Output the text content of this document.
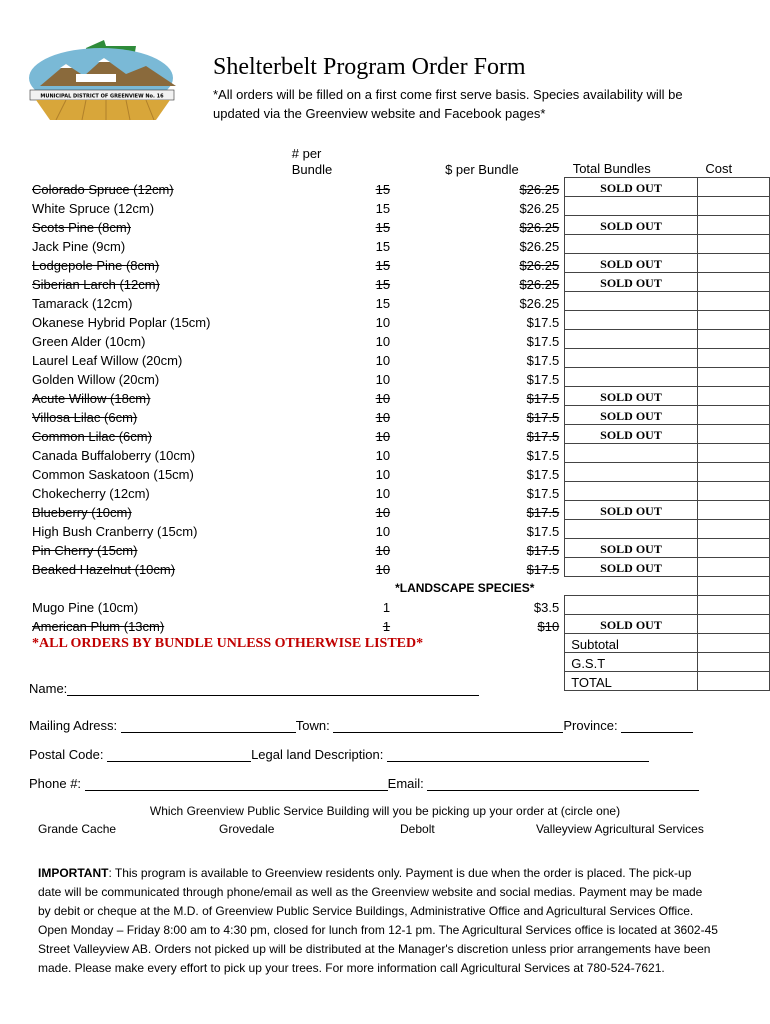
MUNICIPAL DISTRICT OF GREENVIEW No. 16
Shelterbelt Program Order Form
*All orders will be filled on a first come first serve basis. Species availability will be updated via the Greenview website and Facebook pages*
	# per
Bundle	$ per Bundle	Total Bundles	Cost
Colorado Spruce (12cm)	15	$26.25	SOLD OUT	
White Spruce (12cm)	15	$26.25		
Scots Pine (8cm)	15	$26.25	SOLD OUT	
Jack Pine (9cm)	15	$26.25		
Lodgepole Pine (8cm)	15	$26.25	SOLD OUT	
Siberian Larch (12cm)	15	$26.25	SOLD OUT	
Tamarack (12cm)	15	$26.25		
Okanese Hybrid Poplar (15cm)	10	$17.5		
Green Alder (10cm)	10	$17.5		
Laurel Leaf Willow (20cm)	10	$17.5		
Golden Willow (20cm)	10	$17.5		
Acute Willow (18cm)	10	$17.5	SOLD OUT	
Villosa Lilac (6cm)	10	$17.5	SOLD OUT	
Common Lilac (6cm)	10	$17.5	SOLD OUT	
Canada Buffaloberry (10cm)	10	$17.5		
Common Saskatoon (15cm)	10	$17.5		
Chokecherry (12cm)	10	$17.5		
Blueberry (10cm)	10	$17.5	SOLD OUT	
High Bush Cranberry (15cm)	10	$17.5		
Pin Cherry (15cm)	10	$17.5	SOLD OUT	
Beaked Hazelnut (10cm)	10	$17.5	SOLD OUT	
		*LANDSCAPE SPECIES*		
Mugo Pine (10cm)	1	$3.5		
American Plum (13cm)	1	$10	SOLD OUT	
*ALL ORDERS BY BUNDLE UNLESS OTHERWISE LISTED*			Subtotal	
			G.S.T	
			TOTAL	
Name:
Mailing Adress:	Town:	Province:
Postal Code:	Legal land Description:
Phone #:	Email:
Which Greenview Public Service Building will you be picking up your order at (circle one)
Grande Cache	Grovedale	Debolt	Valleyview Agricultural Services
IMPORTANT: This program is available to Greenview residents only. Payment is due when the order is placed. The pick-up date will be communicated through phone/email as well as the Greenview website and social medias. Payment may be made by debit or cheque at the M.D. of Greenview Public Service Buildings, Administrative Office and Agricultural Services Office. Open Monday – Friday 8:00 am to 4:30 pm, closed for lunch from 12-1 pm. The Agricultural Services office is located at 3602-45 Street Valleyview AB. Orders not picked up will be distributed at the Manager's discretion unless prior arrangements have been made. Please make every effort to pick up your trees. For more information call Agricultural Services at 780-524-7621.
